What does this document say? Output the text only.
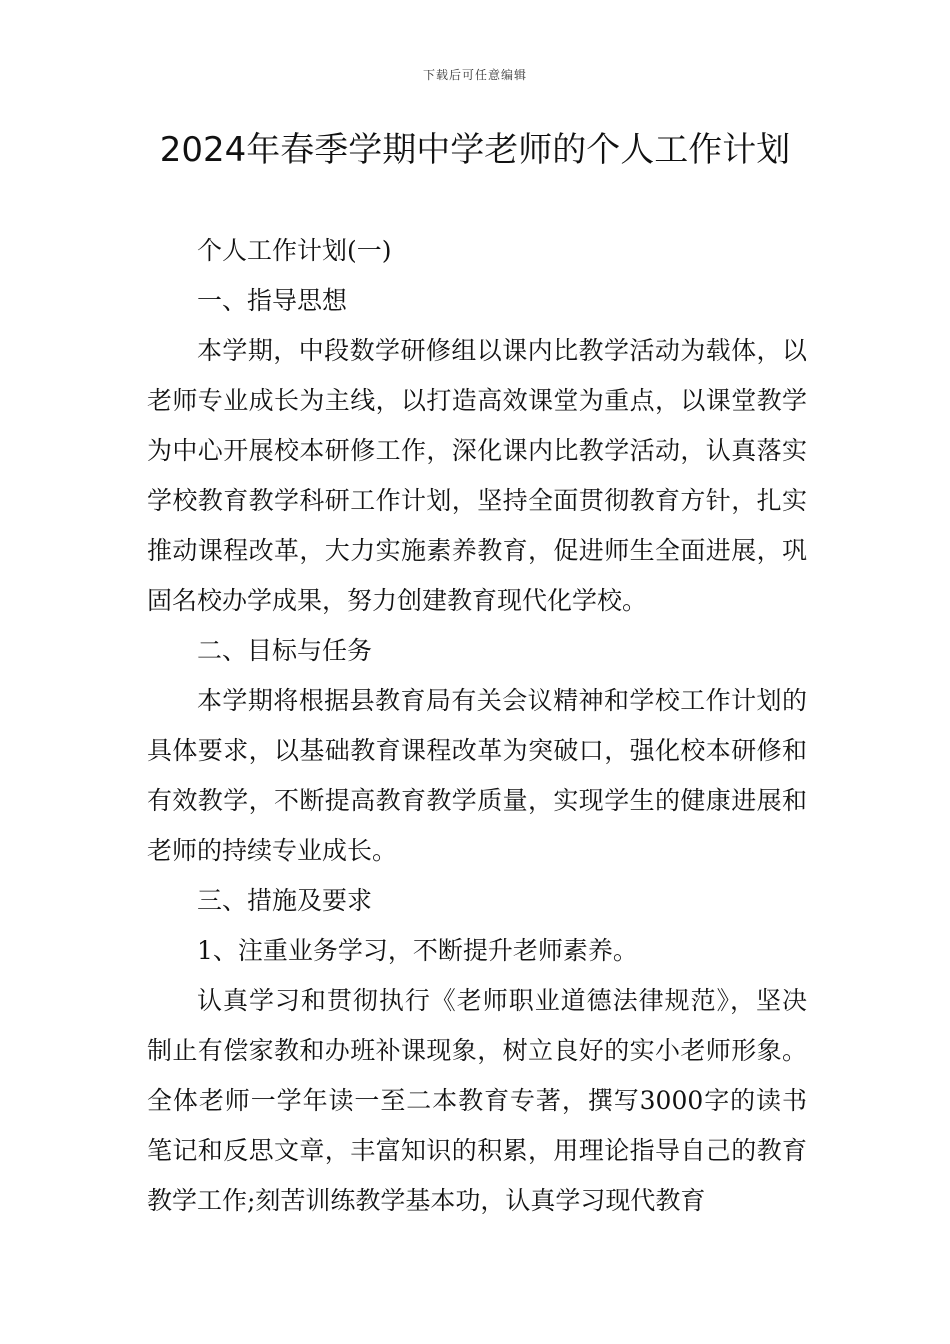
下载后可任意编辑
2024年春季学期中学老师的个人工作计划

个人工作计划(一)

一、指导思想

本学期，中段数学研修组以课内比教学活动为载体，以老师专业成长为主线，以打造高效课堂为重点，以课堂教学为中心开展校本研修工作，深化课内比教学活动，认真落实学校教育教学科研工作计划，坚持全面贯彻教育方针，扎实推动课程改革，大力实施素养教育，促进师生全面进展，巩固名校办学成果，努力创建教育现代化学校。

二、目标与任务

本学期将根据县教育局有关会议精神和学校工作计划的具体要求，以基础教育课程改革为突破口，强化校本研修和有效教学，不断提高教育教学质量，实现学生的健康进展和老师的持续专业成长。

三、措施及要求

1、注重业务学习，不断提升老师素养。

认真学习和贯彻执行《老师职业道德法律规范》，坚决制止有偿家教和办班补课现象，树立良好的实小老师形象。全体老师一学年读一至二本教育专著，撰写3000字的读书笔记和反思文章，丰富知识的积累，用理论指导自己的教育教学工作;刻苦训练教学基本功，认真学习现代教育
